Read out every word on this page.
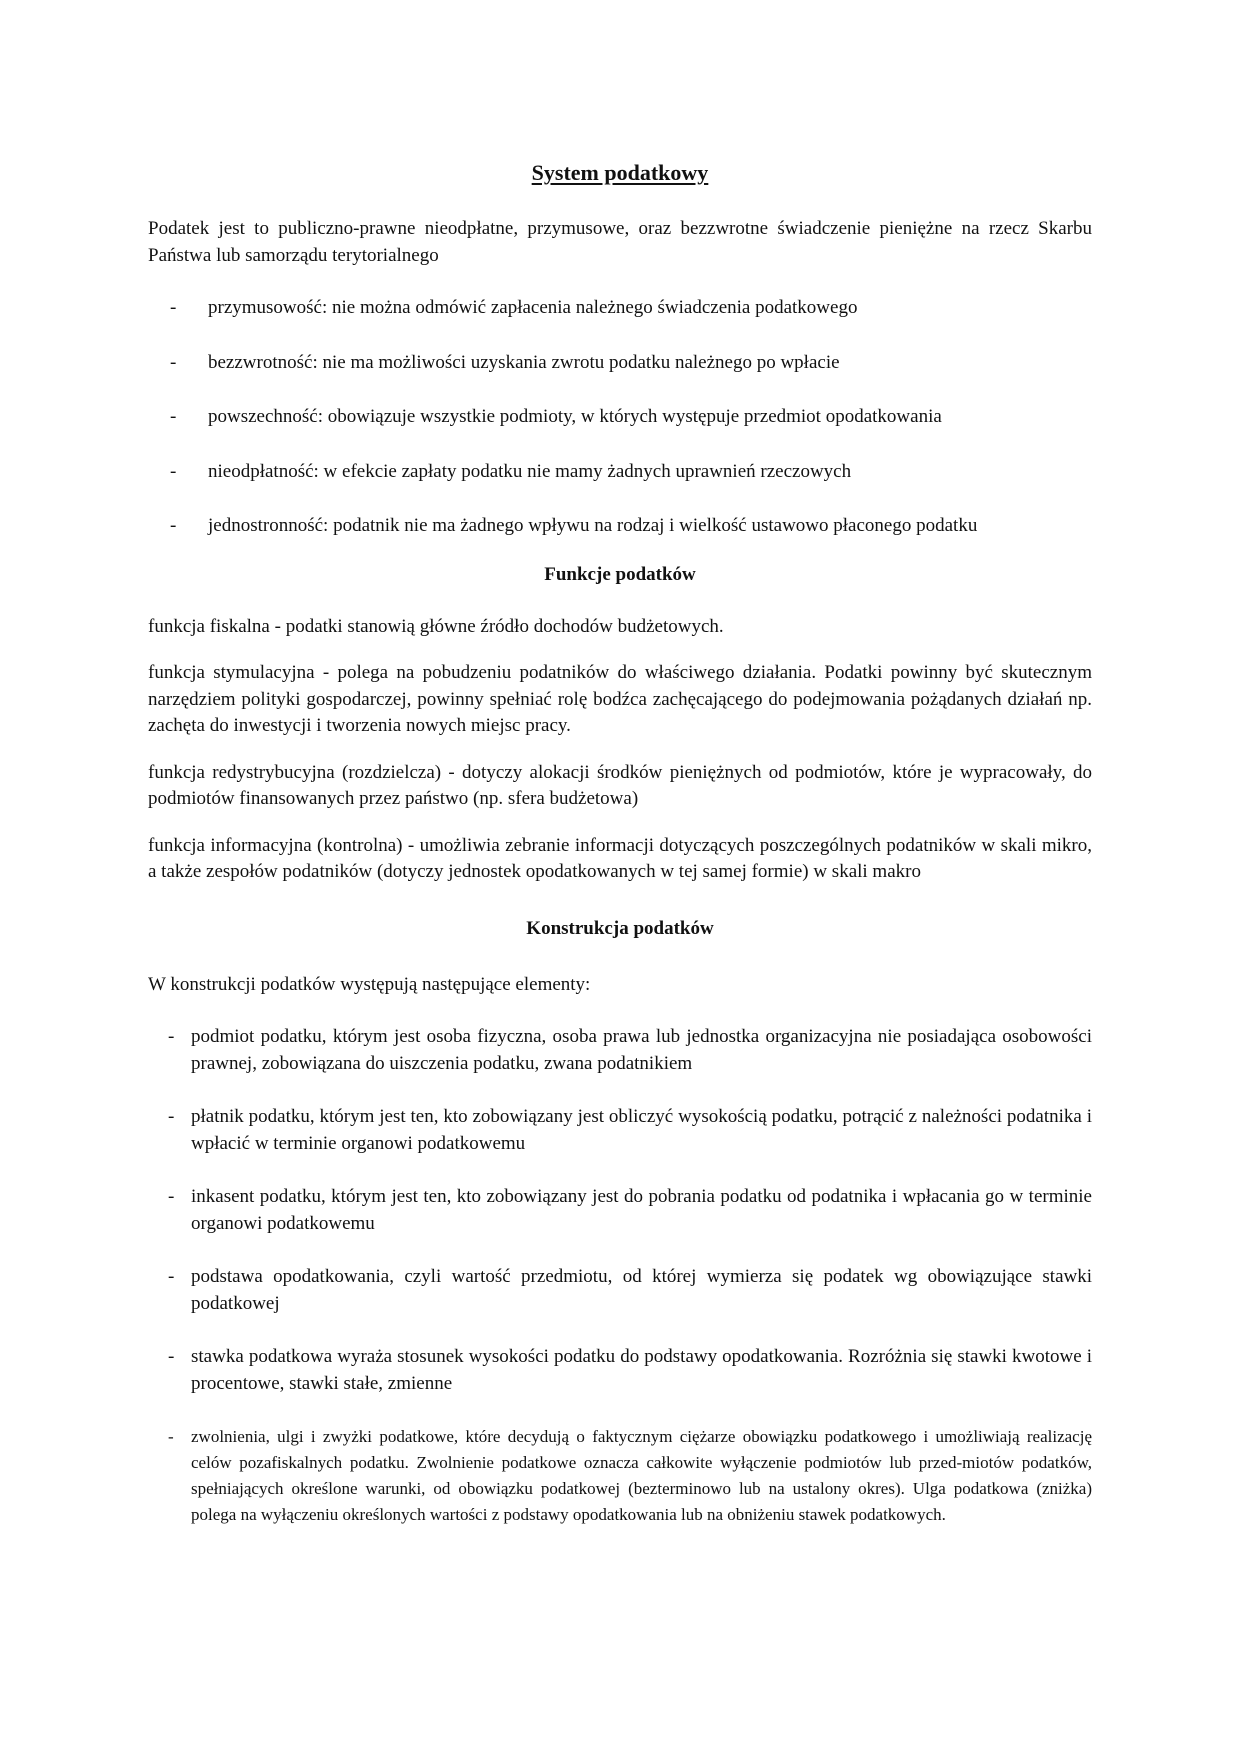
System podatkowy

Podatek jest to publiczno-prawne nieodpłatne, przymusowe, oraz bezzwrotne świadczenie pieniężne na rzecz Skarbu Państwa lub samorządu terytorialnego

- przymusowość: nie można odmówić zapłacenia należnego świadczenia podatkowego
- bezzwrotność: nie ma możliwości uzyskania zwrotu podatku należnego po wpłacie
- powszechność: obowiązuje wszystkie podmioty, w których występuje przedmiot opodatkowania
- nieodpłatność: w efekcie zapłaty podatku nie mamy żadnych uprawnień rzeczowych
- jednostronność: podatnik nie ma żadnego wpływu na rodzaj i wielkość ustawowo płaconego podatku
Funkcje podatków

funkcja fiskalna - podatki stanowią główne źródło dochodów budżetowych.

funkcja stymulacyjna - polega na pobudzeniu podatników do właściwego działania. Podatki powinny być skutecznym narzędziem polityki gospodarczej, powinny spełniać rolę bodźca zachęcającego do podejmowania pożądanych działań np. zachęta do inwestycji i tworzenia nowych miejsc pracy.

funkcja redystrybucyjna (rozdzielcza) - dotyczy alokacji środków pieniężnych od podmiotów, które je wypracowały, do podmiotów finansowanych przez państwo (np. sfera budżetowa)

funkcja informacyjna (kontrolna) - umożliwia zebranie informacji dotyczących poszczególnych podatników w skali mikro, a także zespołów podatników (dotyczy jednostek opodatkowanych w tej samej formie) w skali makro

Konstrukcja podatków

W konstrukcji podatków występują następujące elementy:

- podmiot podatku, którym jest osoba fizyczna, osoba prawa lub jednostka organizacyjna nie posiadająca osobowości prawnej, zobowiązana do uiszczenia podatku, zwana podatnikiem
- płatnik podatku, którym jest ten, kto zobowiązany jest obliczyć wysokością podatku, potrącić z należności podatnika i wpłacić w terminie organowi podatkowemu
- inkasent podatku, którym jest ten, kto zobowiązany jest do pobrania podatku od podatnika i wpłacania go w terminie organowi podatkowemu
- podstawa opodatkowania, czyli wartość przedmiotu, od której wymierza się podatek wg obowiązujące stawki podatkowej
- stawka podatkowa wyraża stosunek wysokości podatku do podstawy opodatkowania. Rozróżnia się stawki kwotowe i procentowe, stawki stałe, zmienne
- zwolnienia, ulgi i zwyżki podatkowe, które decydują o faktycznym ciężarze obowiązku podatkowego i umożliwiają realizację celów pozafiskalnych podatku. Zwolnienie podatkowe oznacza całkowite wyłączenie podmiotów lub przed-miotów podatków, spełniających określone warunki, od obowiązku podatkowej (bezterminowo lub na ustalony okres). Ulga podatkowa (zniżka) polega na wyłączeniu określonych wartości z podstawy opodatkowania lub na obniżeniu stawek podatkowych.
